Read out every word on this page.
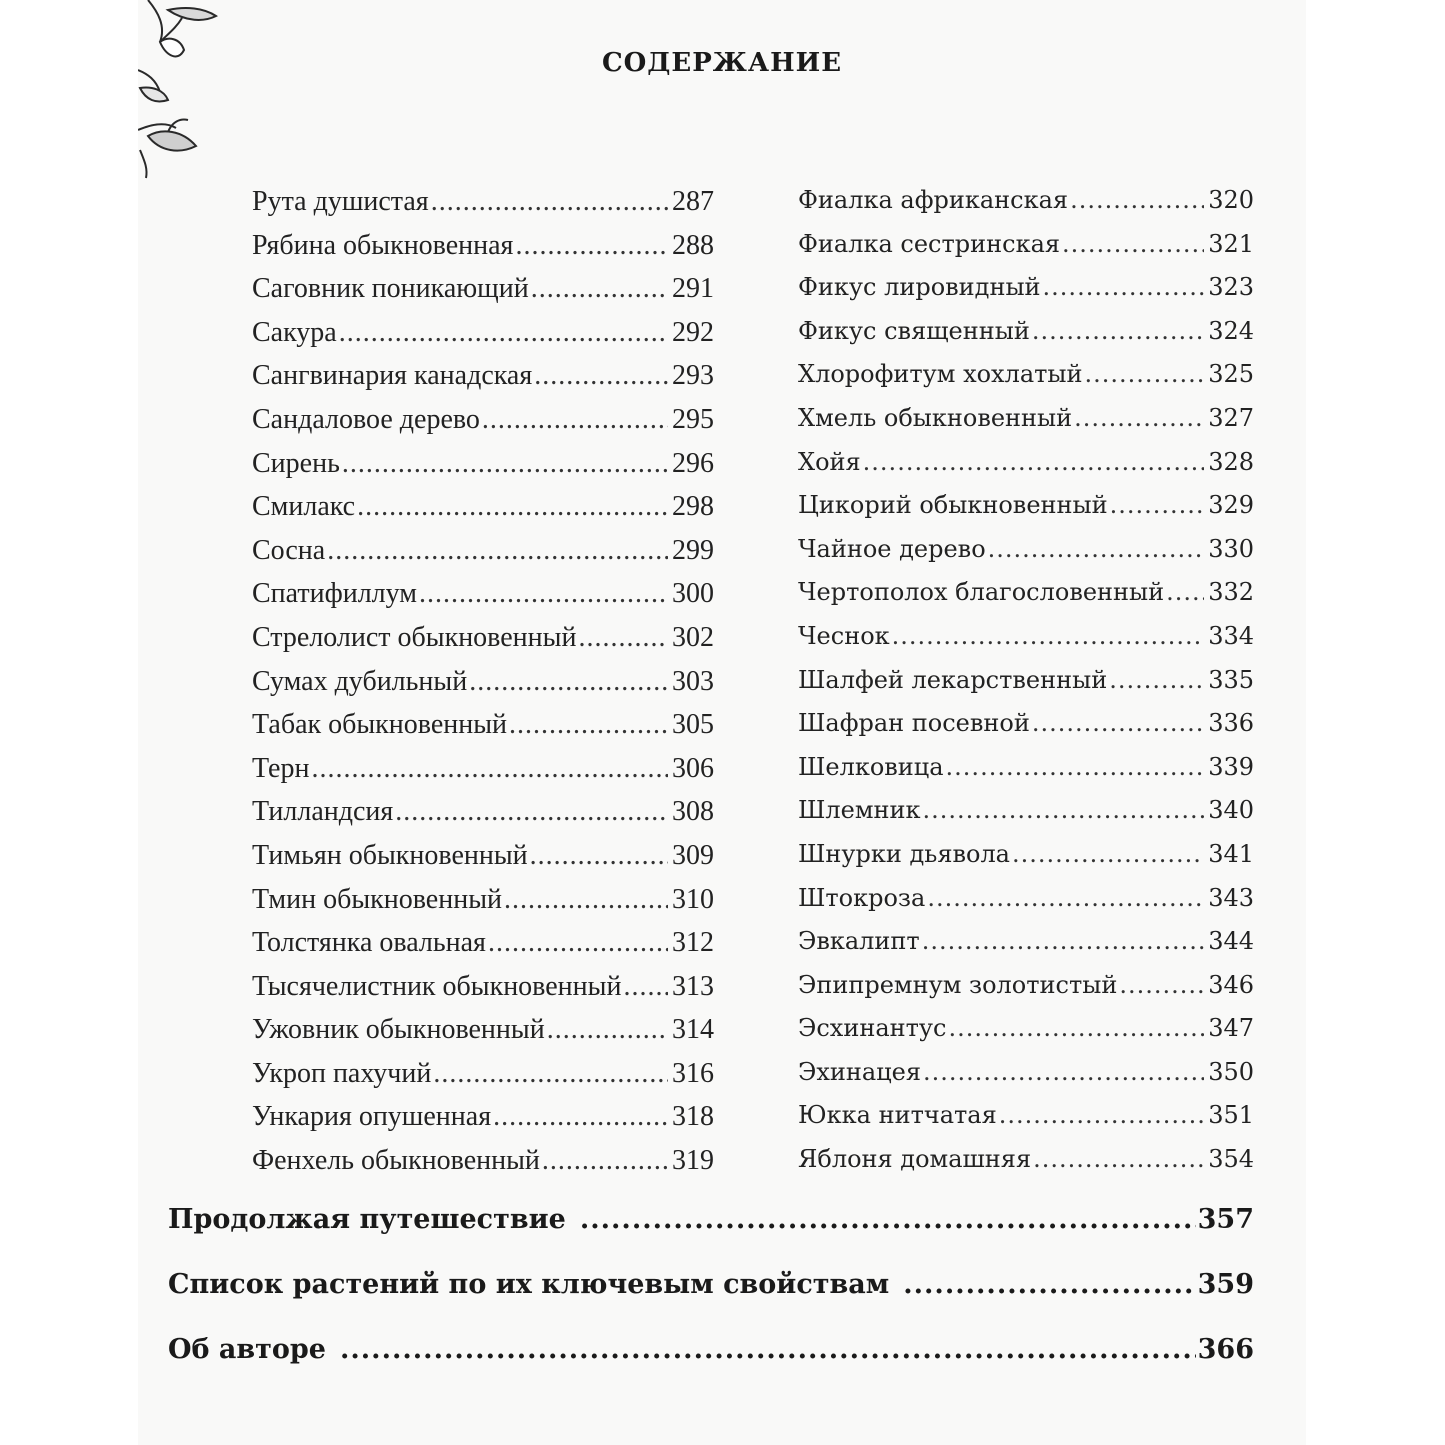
СОДЕРЖАНИЕ
Рута душистая .....	287
Рябина обыкновенная .....	288
Саговник поникающий .....	291
Сакура .....	292
Сангвинария канадская .....	293
Сандаловое дерево .....	295
Сирень .....	296
Смилакс .....	298
Сосна .....	299
Спатифиллум .....	300
Стрелолист обыкновенный .....	302
Сумах дубильный .....	303
Табак обыкновенный .....	305
Терн .....	306
Тилландсия .....	308
Тимьян обыкновенный .....	309
Тмин обыкновенный .....	310
Толстянка овальная .....	312
Тысячелистник обыкновенный ..... 313
Ужовник обыкновенный .....	314
Укроп пахучий .....	316
Ункария опушенная .....	318
Фенхель обыкновенный .....	319
Фиалка африканская .....	320
Фиалка сестринская .....	321
Фикус лировидный .....	323
Фикус священный .....	324
Хлорофитум хохлатый .....	325
Хмель обыкновенный .....	327
Хойя .....	328
Цикорий обыкновенный .....	329
Чайное дерево .....	330
Чертополох благословенный ..... 332
Чеснок .....	334
Шалфей лекарственный .....	335
Шафран посевной .....	336
Шелковица .....	339
Шлемник .....	340
Шнурки дьявола .....	341
Штокроза .....	343
Эвкалипт .....	344
Эпипремнум золотистый .....	346
Эсхинантус .....	347
Эхинацея .....	350
Юкка нитчатая .....	351
Яблоня домашняя .....	354
Продолжая путешествие .....	357
Список растений по их ключевым свойствам .....	359
Об авторе .....	366
